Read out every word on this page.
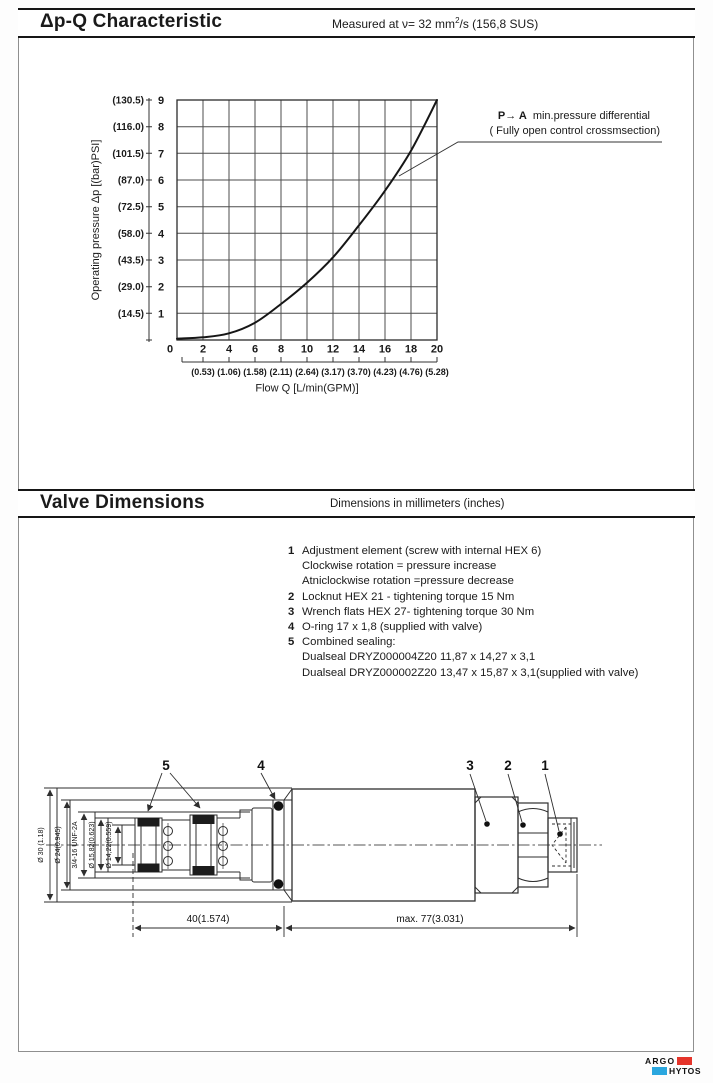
Δp-Q Characteristic	Measured at ν= 32 $mm^2/s$ (156,8 SUS)
Valve Dimensions	Dimensions in millimeters (inches)
1 Adjustment element (screw with internal HEX 6)
Clockwise rotation = pressure increase
Atniclockwise rotation =pressure decrease
2 Locknut HEX 21 - tightening torque 15 Nm
3 Wrench flats HEX 27- tightening torque 30 Nm
4 O-ring 17 x 1,8 (supplied with valve)
5 Combined sealing:
Dualseal DRYZ000004Z20 11,87 x 14,27 x 3,1
Dualseal DRYZ000002Z20 13,47 x 15,87 x 3,1(supplied with valve)
1
2
3
4
5
6
7
8
9
(14.5)
(29.0)
(43.5)
(58.0)
(72.5)
(87.0)
(101.5)
(116.0)
(130.5)
0 2 4 6 8 10 12 14 16 18 20
(0.53) (1.06) (1.58) (2.11) (2.64) (3.17) (3.70) (4.23) (4.76) (5.28)
Operating pressure Δp [(bar)PSI]
Flow Q [L/min(GPM)]
P→ A min.pressure differential
( Fully open control crossmsection)
5	4	3 2 1
Ø 30 (1.18) Ø 24(0.945) 3/4-16 UNF-2A Ø 15,82(0.623) Ø 14,22(0.559)
40(1.574)	max. 77(3.031)
ARGO
HYTOS
